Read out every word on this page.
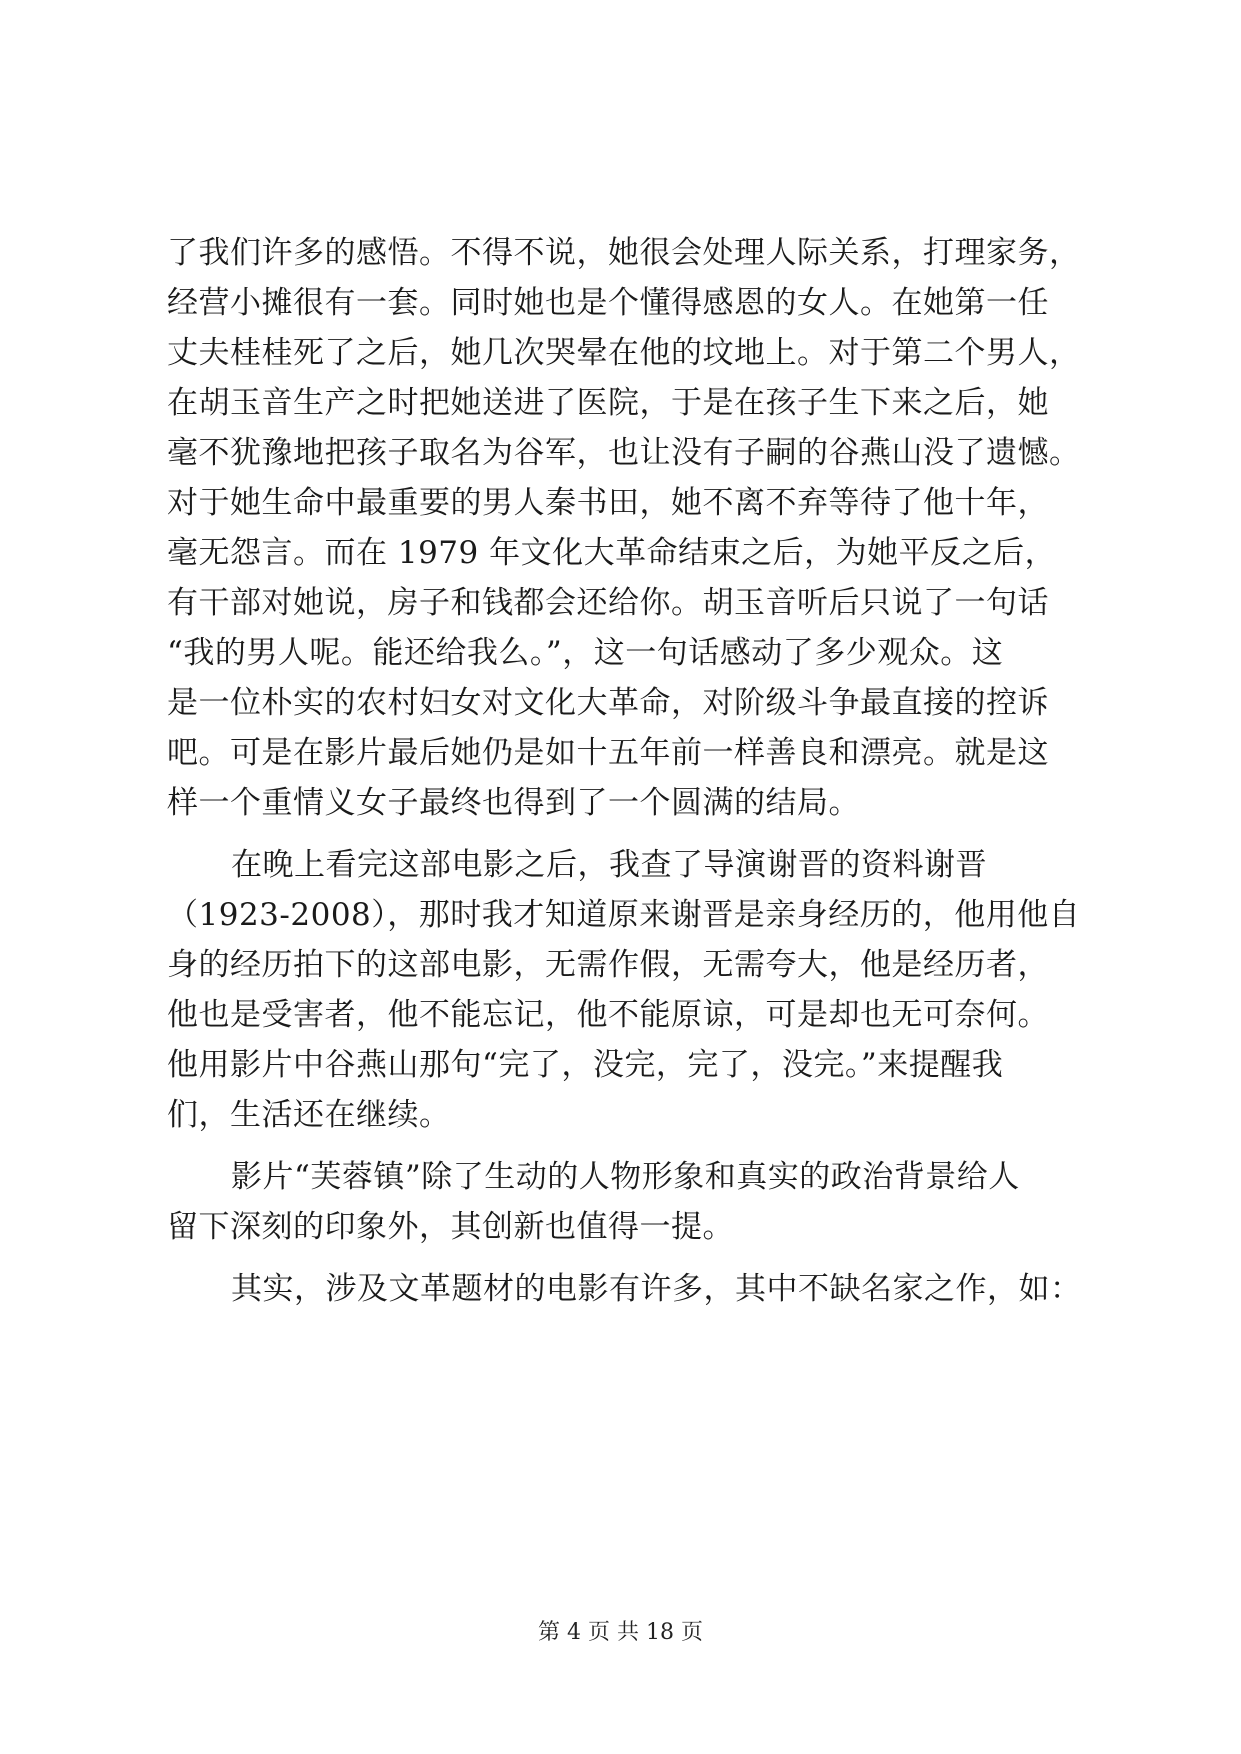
了我们许多的感悟。不得不说，她很会处理人际关系，打理家务，
经营小摊很有一套。同时她也是个懂得感恩的女人。在她第一任
丈夫桂桂死了之后，她几次哭晕在他的坟地上。对于第二个男人，
在胡玉音生产之时把她送进了医院，于是在孩子生下来之后，她
毫不犹豫地把孩子取名为谷军，也让没有子嗣的谷燕山没了遗憾。
对于她生命中最重要的男人秦书田，她不离不弃等待了他十年，
毫无怨言。而在 1979 年文化大革命结束之后，为她平反之后，
有干部对她说，房子和钱都会还给你。胡玉音听后只说了一句话
“我的男人呢。能还给我么。”，这一句话感动了多少观众。这
是一位朴实的农村妇女对文化大革命，对阶级斗争最直接的控诉
吧。可是在影片最后她仍是如十五年前一样善良和漂亮。就是这
样一个重情义女子最终也得到了一个圆满的结局。
在晚上看完这部电影之后，我查了导演谢晋的资料谢晋
（1923-2008），那时我才知道原来谢晋是亲身经历的，他用他自
身的经历拍下的这部电影，无需作假，无需夸大，他是经历者，
他也是受害者，他不能忘记，他不能原谅，可是却也无可奈何。
他用影片中谷燕山那句“完了，没完，完了，没完。”来提醒我
们，生活还在继续。
影片“芙蓉镇”除了生动的人物形象和真实的政治背景给人
留下深刻的印象外，其创新也值得一提。
其实，涉及文革题材的电影有许多，其中不缺名家之作，如：
第 4 页 共 18 页
